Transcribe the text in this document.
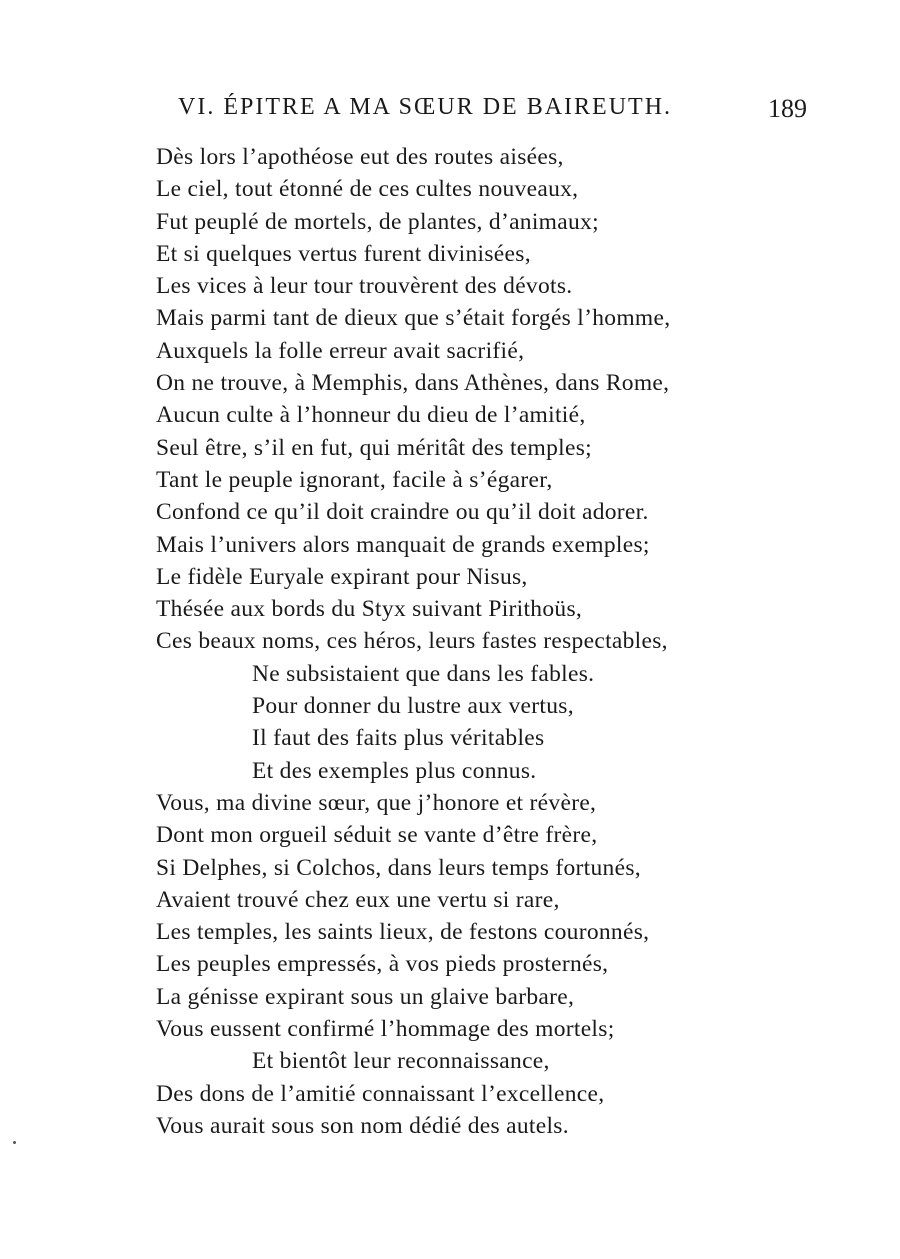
VI. ÉPITRE A MA SŒUR DE BAIREUTH.	189
Dès lors l’apothéose eut des routes aisées,
Le ciel, tout étonné de ces cultes nouveaux,
Fut peuplé de mortels, de plantes, d’animaux;
Et si quelques vertus furent divinisées,
Les vices à leur tour trouvèrent des dévots.
Mais parmi tant de dieux que s’était forgés l’homme,
Auxquels la folle erreur avait sacrifié,
On ne trouve, à Memphis, dans Athènes, dans Rome,
Aucun culte à l’honneur du dieu de l’amitié,
Seul être, s’il en fut, qui méritât des temples;
Tant le peuple ignorant, facile à s’égarer,
Confond ce qu’il doit craindre ou qu’il doit adorer.
Mais l’univers alors manquait de grands exemples;
Le fidèle Euryale expirant pour Nisus,
Thésée aux bords du Styx suivant Pirithoüs,
Ces beaux noms, ces héros, leurs fastes respectables,
Ne subsistaient que dans les fables.
Pour donner du lustre aux vertus,
Il faut des faits plus véritables
Et des exemples plus connus.
Vous, ma divine sœur, que j’honore et révère,
Dont mon orgueil séduit se vante d’être frère,
Si Delphes, si Colchos, dans leurs temps fortunés,
Avaient trouvé chez eux une vertu si rare,
Les temples, les saints lieux, de festons couronnés,
Les peuples empressés, à vos pieds prosternés,
La génisse expirant sous un glaive barbare,
Vous eussent confirmé l’hommage des mortels;
Et bientôt leur reconnaissance,
Des dons de l’amitié connaissant l’excellence,
Vous aurait sous son nom dédié des autels.
